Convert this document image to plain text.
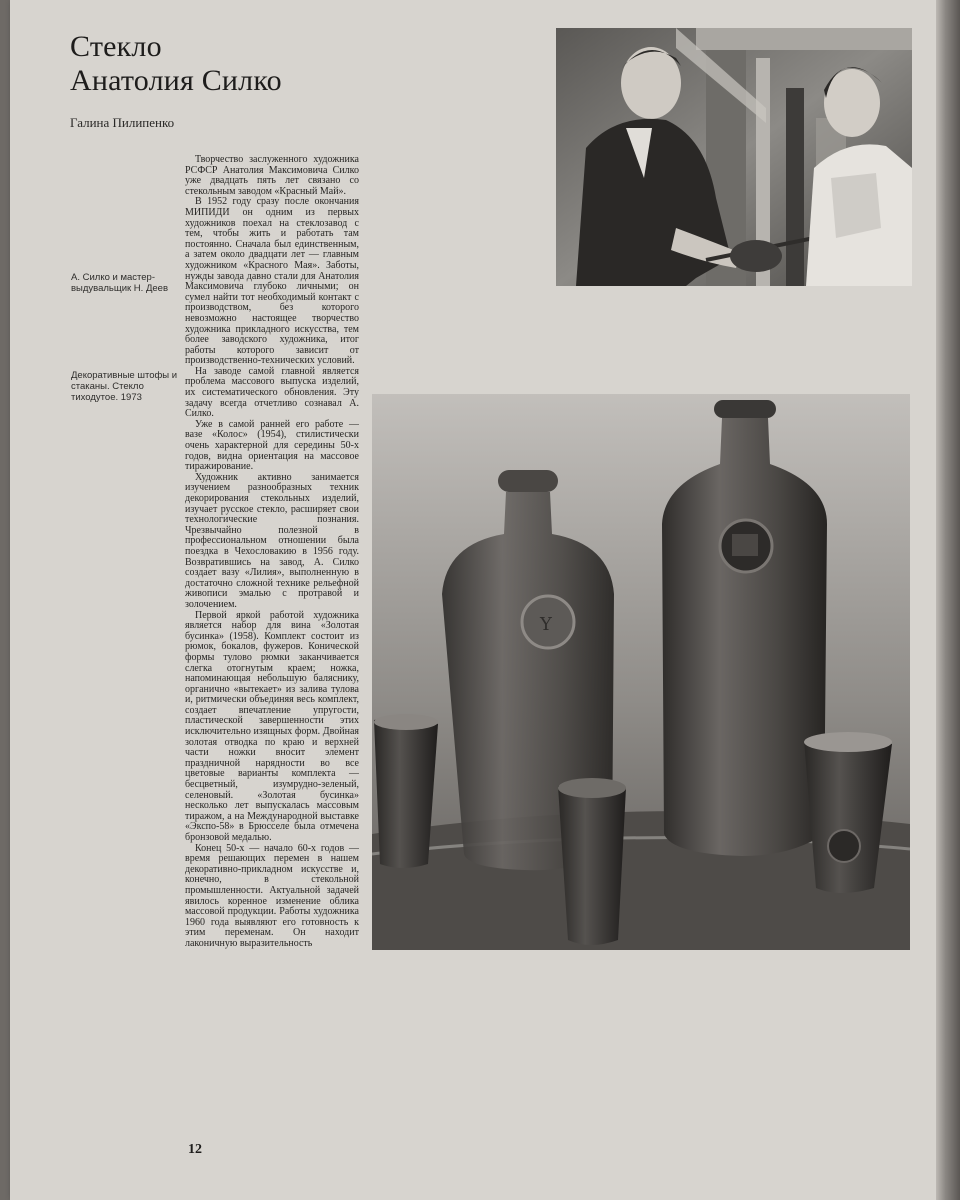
Стекло
Анатолия Силко
Галина Пилипенко
А. Силко и мастер-выдувальщик Н. Деев
Декоративные штофы и стаканы. Стекло тиходутое. 1973

Творчество заслуженного художника РСФСР Анатолия Максимовича Силко уже двадцать пять лет связано со стекольным заводом «Красный Май».

В 1952 году сразу после окончания МИПИДИ он одним из первых художников поехал на стеклозавод с тем, чтобы жить и работать там постоянно. Сначала был единственным, а затем около двадцати лет — главным художником «Красного Мая». Заботы, нужды завода давно стали для Анатолия Максимовича глубоко личными; он сумел найти тот необходимый контакт с производством, без которого невозможно настоящее творчество художника прикладного искусства, тем более заводского художника, итог работы которого зависит от производственно-технических условий.

На заводе самой главной является проблема массового выпуска изделий, их систематического обновления. Эту задачу всегда отчетливо сознавал А. Силко.

Уже в самой ранней его работе — вазе «Колос» (1954), стилистически очень характерной для середины 50-х годов, видна ориентация на массовое тиражирование.

Художник активно занимается изучением разнообразных техник декорирования стекольных изделий, изучает русское стекло, расширяет свои технологические познания. Чрезвычайно полезной в профессиональном отношении была поездка в Чехословакию в 1956 году. Возвратившись на завод, А. Силко создает вазу «Лилия», выполненную в достаточно сложной технике рельефной живописи эмалью с протравой и золочением.

Первой яркой работой художника является набор для вина «Золотая бусинка» (1958). Комплект состоит из рюмок, бокалов, фужеров. Конической формы тулово рюмки заканчивается слегка отогнутым краем; ножка, напоминающая небольшую баляснику, органично «вытекает» из залива тулова и, ритмически объединяя весь комплект, создает впечатление упругости, пластической завершенности этих исключительно изящных форм. Двойная золотая отводка по краю и верхней части ножки вносит элемент праздничной нарядности во все цветовые варианты комплекта — бесцветный, изумрудно-зеленый, селеновый. «Золотая бусинка» несколько лет выпускалась массовым тиражом, а на Международной выставке «Экспо-58» в Брюсселе была отмечена бронзовой медалью.

Конец 50-х — начало 60-х годов — время решающих перемен в нашем декоративно-прикладном искусстве и, конечно, в стекольной промышленности. Актуальной задачей явилось коренное изменение облика массовой продукции. Работы художника 1960 года выявляют его готовность к этим переменам. Он находит лаконичную выразительность

Y
12
